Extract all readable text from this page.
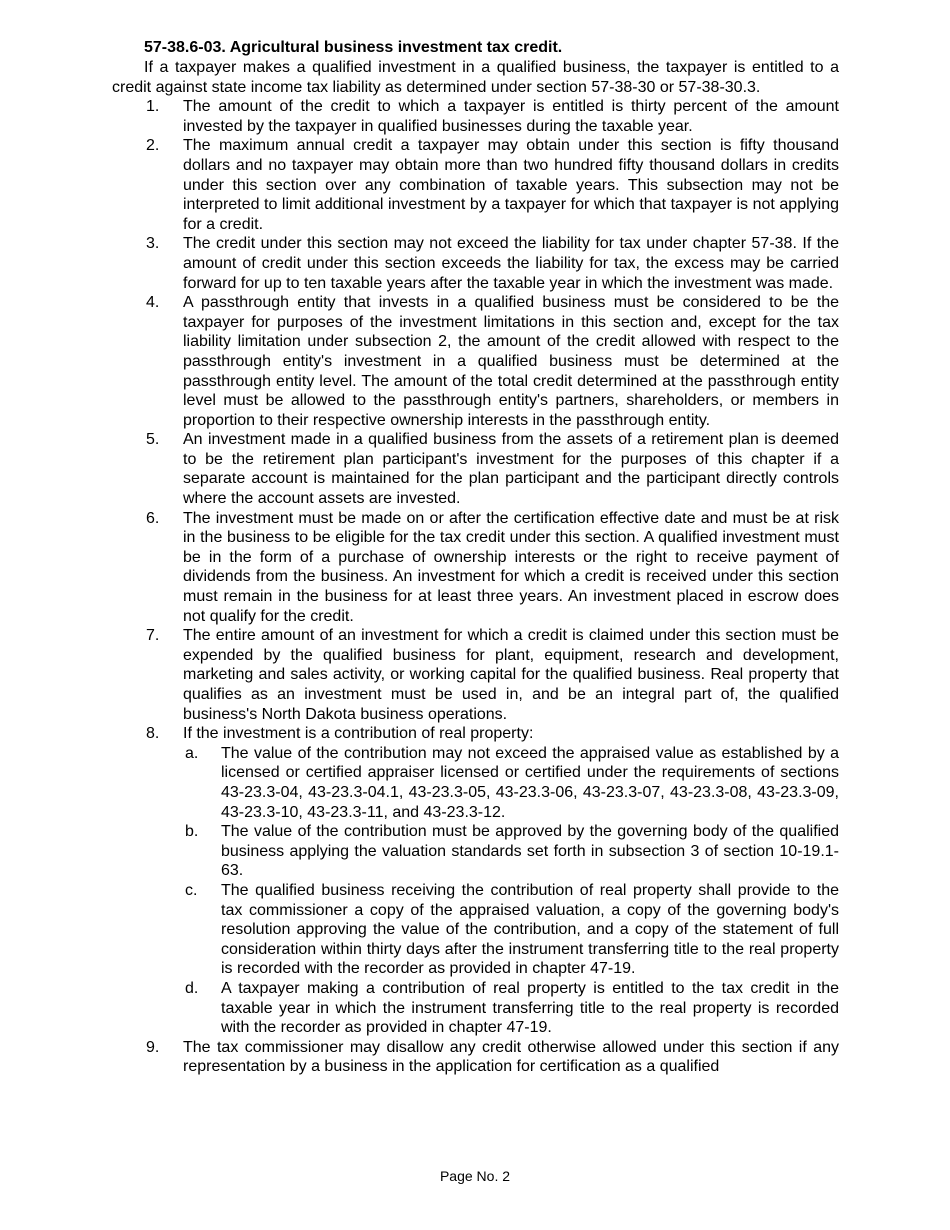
57-38.6-03. Agricultural business investment tax credit.

If a taxpayer makes a qualified investment in a qualified business, the taxpayer is entitled to a credit against state income tax liability as determined under section 57-38-30 or 57-38-30.3.

1. The amount of the credit to which a taxpayer is entitled is thirty percent of the amount invested by the taxpayer in qualified businesses during the taxable year.
2. The maximum annual credit a taxpayer may obtain under this section is fifty thousand dollars and no taxpayer may obtain more than two hundred fifty thousand dollars in credits under this section over any combination of taxable years. This subsection may not be interpreted to limit additional investment by a taxpayer for which that taxpayer is not applying for a credit.
3. The credit under this section may not exceed the liability for tax under chapter 57-38. If the amount of credit under this section exceeds the liability for tax, the excess may be carried forward for up to ten taxable years after the taxable year in which the investment was made.
4. A passthrough entity that invests in a qualified business must be considered to be the taxpayer for purposes of the investment limitations in this section and, except for the tax liability limitation under subsection 2, the amount of the credit allowed with respect to the passthrough entity's investment in a qualified business must be determined at the passthrough entity level. The amount of the total credit determined at the passthrough entity level must be allowed to the passthrough entity's partners, shareholders, or members in proportion to their respective ownership interests in the passthrough entity.
5. An investment made in a qualified business from the assets of a retirement plan is deemed to be the retirement plan participant's investment for the purposes of this chapter if a separate account is maintained for the plan participant and the participant directly controls where the account assets are invested.
6. The investment must be made on or after the certification effective date and must be at risk in the business to be eligible for the tax credit under this section. A qualified investment must be in the form of a purchase of ownership interests or the right to receive payment of dividends from the business. An investment for which a credit is received under this section must remain in the business for at least three years. An investment placed in escrow does not qualify for the credit.
7. The entire amount of an investment for which a credit is claimed under this section must be expended by the qualified business for plant, equipment, research and development, marketing and sales activity, or working capital for the qualified business. Real property that qualifies as an investment must be used in, and be an integral part of, the qualified business's North Dakota business operations.
8. If the investment is a contribution of real property:
a. The value of the contribution may not exceed the appraised value as established by a licensed or certified appraiser licensed or certified under the requirements of sections 43-23.3-04, 43-23.3-04.1, 43-23.3-05, 43-23.3-06, 43-23.3-07, 43-23.3-08, 43-23.3-09, 43-23.3-10, 43-23.3-11, and 43-23.3-12.
b. The value of the contribution must be approved by the governing body of the qualified business applying the valuation standards set forth in subsection 3 of section 10-19.1-63.
c. The qualified business receiving the contribution of real property shall provide to the tax commissioner a copy of the appraised valuation, a copy of the governing body's resolution approving the value of the contribution, and a copy of the statement of full consideration within thirty days after the instrument transferring title to the real property is recorded with the recorder as provided in chapter 47-19.
d. A taxpayer making a contribution of real property is entitled to the tax credit in the taxable year in which the instrument transferring title to the real property is recorded with the recorder as provided in chapter 47-19.
9. The tax commissioner may disallow any credit otherwise allowed under this section if any representation by a business in the application for certification as a qualified
Page No. 2
